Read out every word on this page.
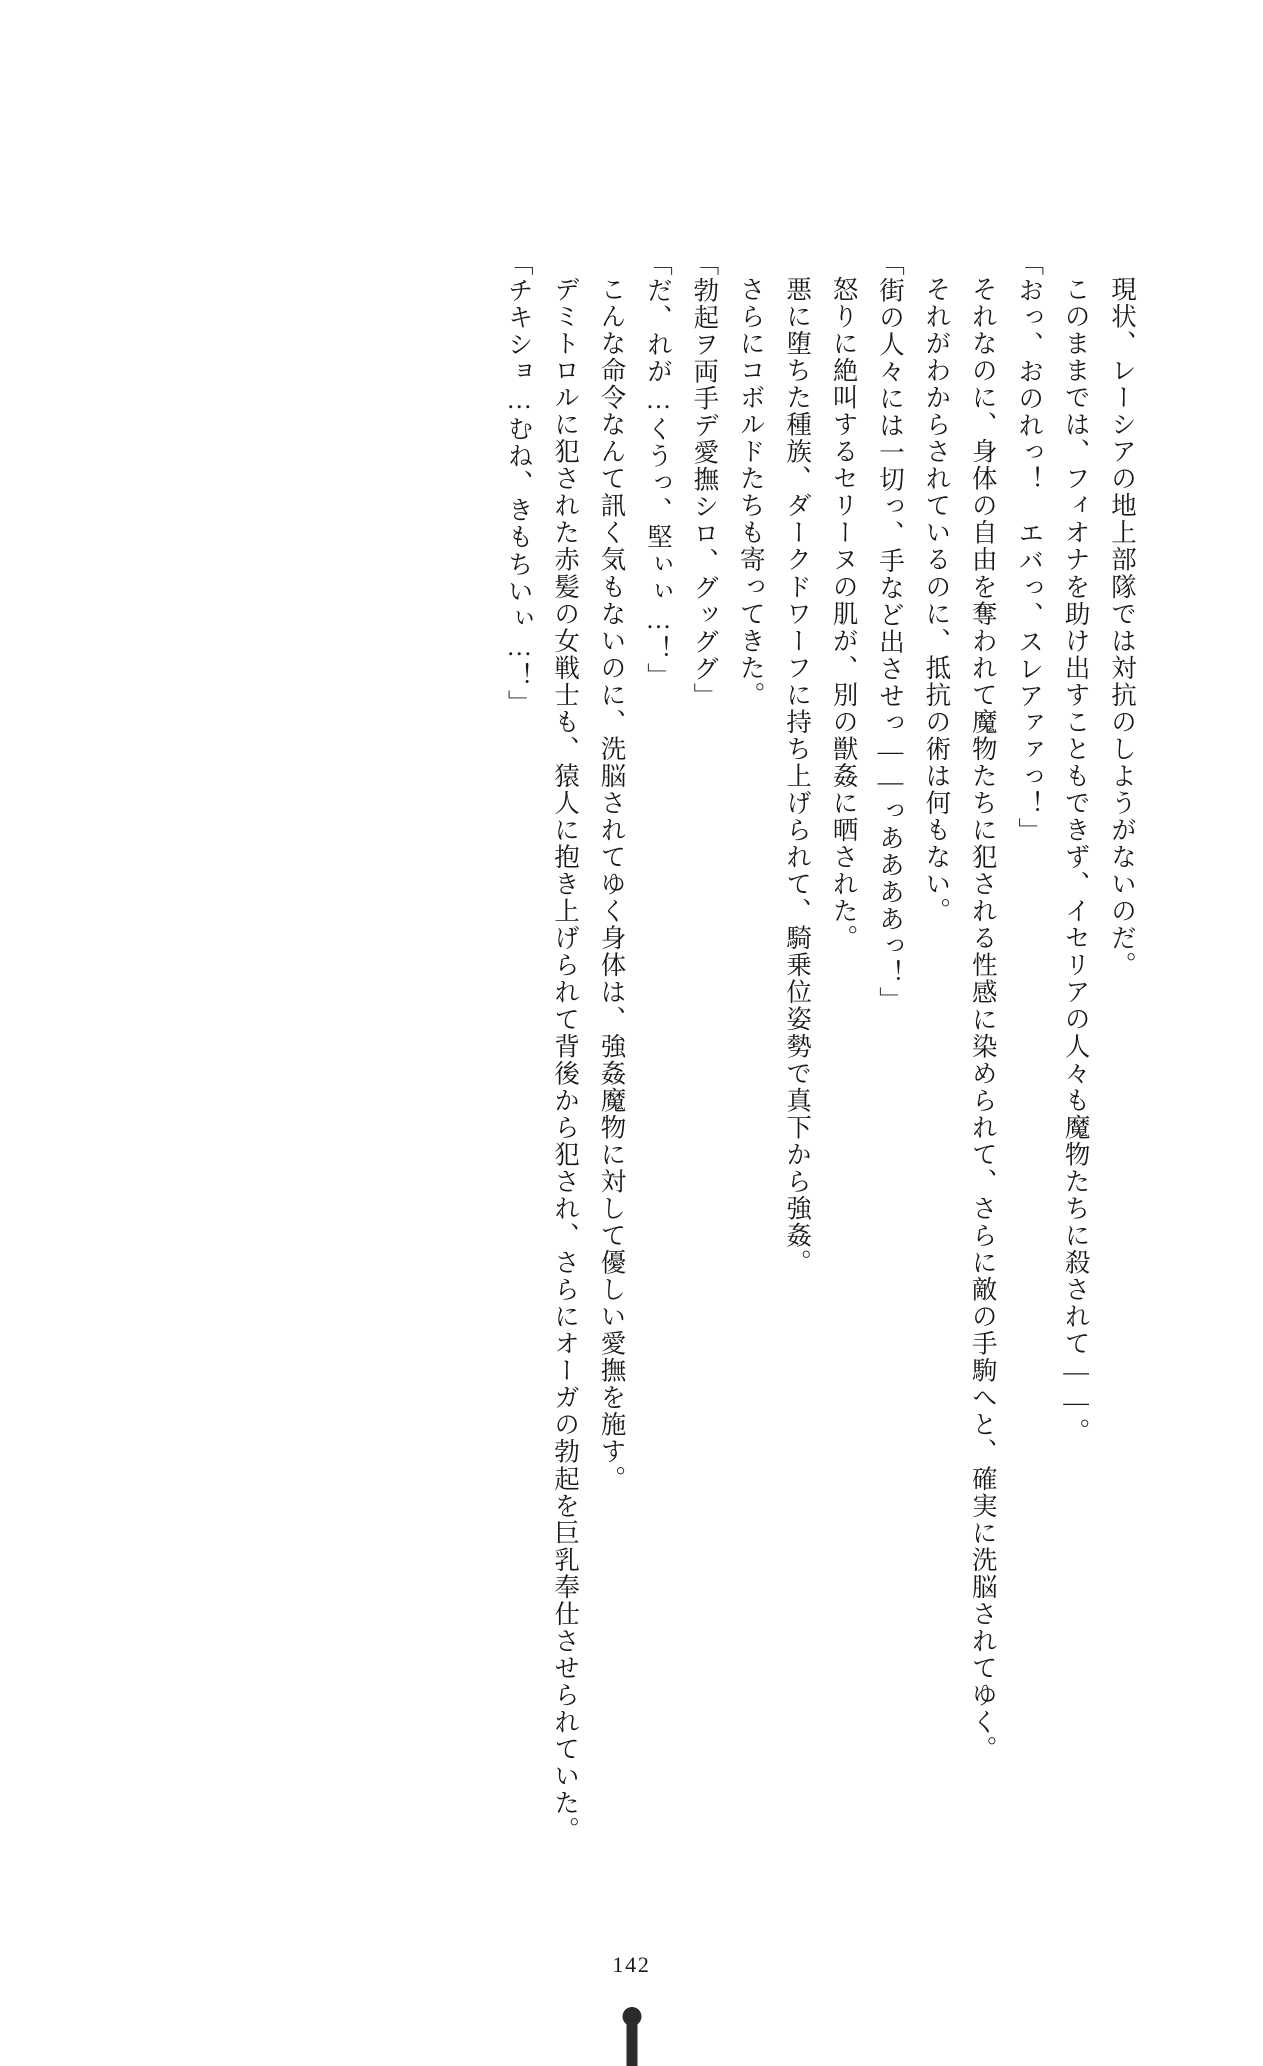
現状、レーシアの地上部隊では対抗のしようがないのだ。

このままでは、フィオナを助け出すこともできず、イセリアの人々も魔物たちに殺されて――。

「おっ、おのれっ！　エバっ、スレアァァっ！」

それなのに、身体の自由を奪われて魔物たちに犯される性感に染められて、さらに敵の手駒へと、確実に洗脳されてゆく。

それがわからされているのに、抵抗の術は何もない。

「街の人々には一切っ、手など出させっ――っああああっ！」

怒りに絶叫するセリーヌの肌が、別の獣姦に晒された。

悪に堕ちた種族、ダークドワーフに持ち上げられて、騎乗位姿勢で真下から強姦。

さらにコボルドたちも寄ってきた。

「勃起ヲ両手デ愛撫シロ、グッググ」

「だ、れが…くうっ、堅ぃぃ…！」

こんな命令なんて訊く気もないのに、洗脳されてゆく身体は、強姦魔物に対して優しい愛撫を施す。

デミトロルに犯された赤髪の女戦士も、猿人に抱き上げられて背後から犯され、さらにオーガの勃起を巨乳奉仕させられていた。

「チキショ…むね、きもちいぃ…！」

142
